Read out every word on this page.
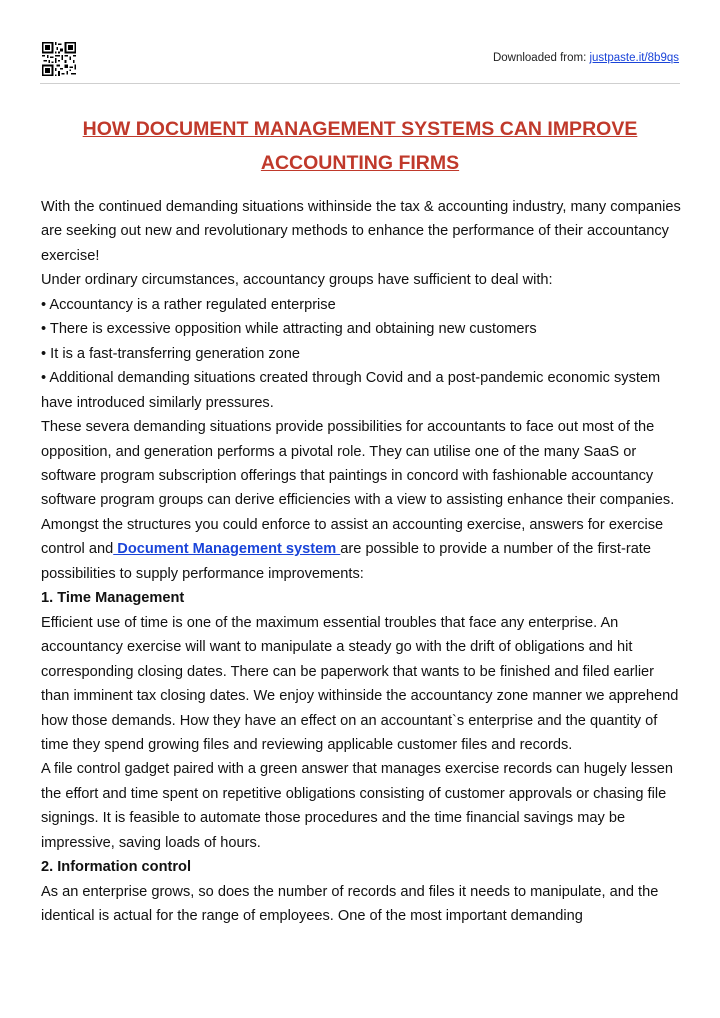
Downloaded from: justpaste.it/8b9qs
HOW DOCUMENT MANAGEMENT SYSTEMS CAN IMPROVE ACCOUNTING FIRMS

With the continued demanding situations withinside the tax & accounting industry, many companies are seeking out new and revolutionary methods to enhance the performance of their accountancy exercise!

Under ordinary circumstances, accountancy groups have sufficient to deal with:

• Accountancy is a rather regulated enterprise

• There is excessive opposition while attracting and obtaining new customers

• It is a fast-transferring generation zone

• Additional demanding situations created through Covid and a post-pandemic economic system have introduced similarly pressures.

These severa demanding situations provide possibilities for accountants to face out most of the opposition, and generation performs a pivotal role. They can utilise one of the many SaaS or software program subscription offerings that paintings in concord with fashionable accountancy software program groups can derive efficiencies with a view to assisting enhance their companies.

Amongst the structures you could enforce to assist an accounting exercise, answers for exercise control and Document Management system are possible to provide a number of the first-rate possibilities to supply performance improvements:

1. Time Management

Efficient use of time is one of the maximum essential troubles that face any enterprise. An accountancy exercise will want to manipulate a steady go with the drift of obligations and hit corresponding closing dates. There can be paperwork that wants to be finished and filed earlier than imminent tax closing dates. We enjoy withinside the accountancy zone manner we apprehend how those demands. How they have an effect on an accountant`s enterprise and the quantity of time they spend growing files and reviewing applicable customer files and records.

A file control gadget paired with a green answer that manages exercise records can hugely lessen the effort and time spent on repetitive obligations consisting of customer approvals or chasing file signings. It is feasible to automate those procedures and the time financial savings may be impressive, saving loads of hours.

2. Information control

As an enterprise grows, so does the number of records and files it needs to manipulate, and the identical is actual for the range of employees. One of the most important demanding
